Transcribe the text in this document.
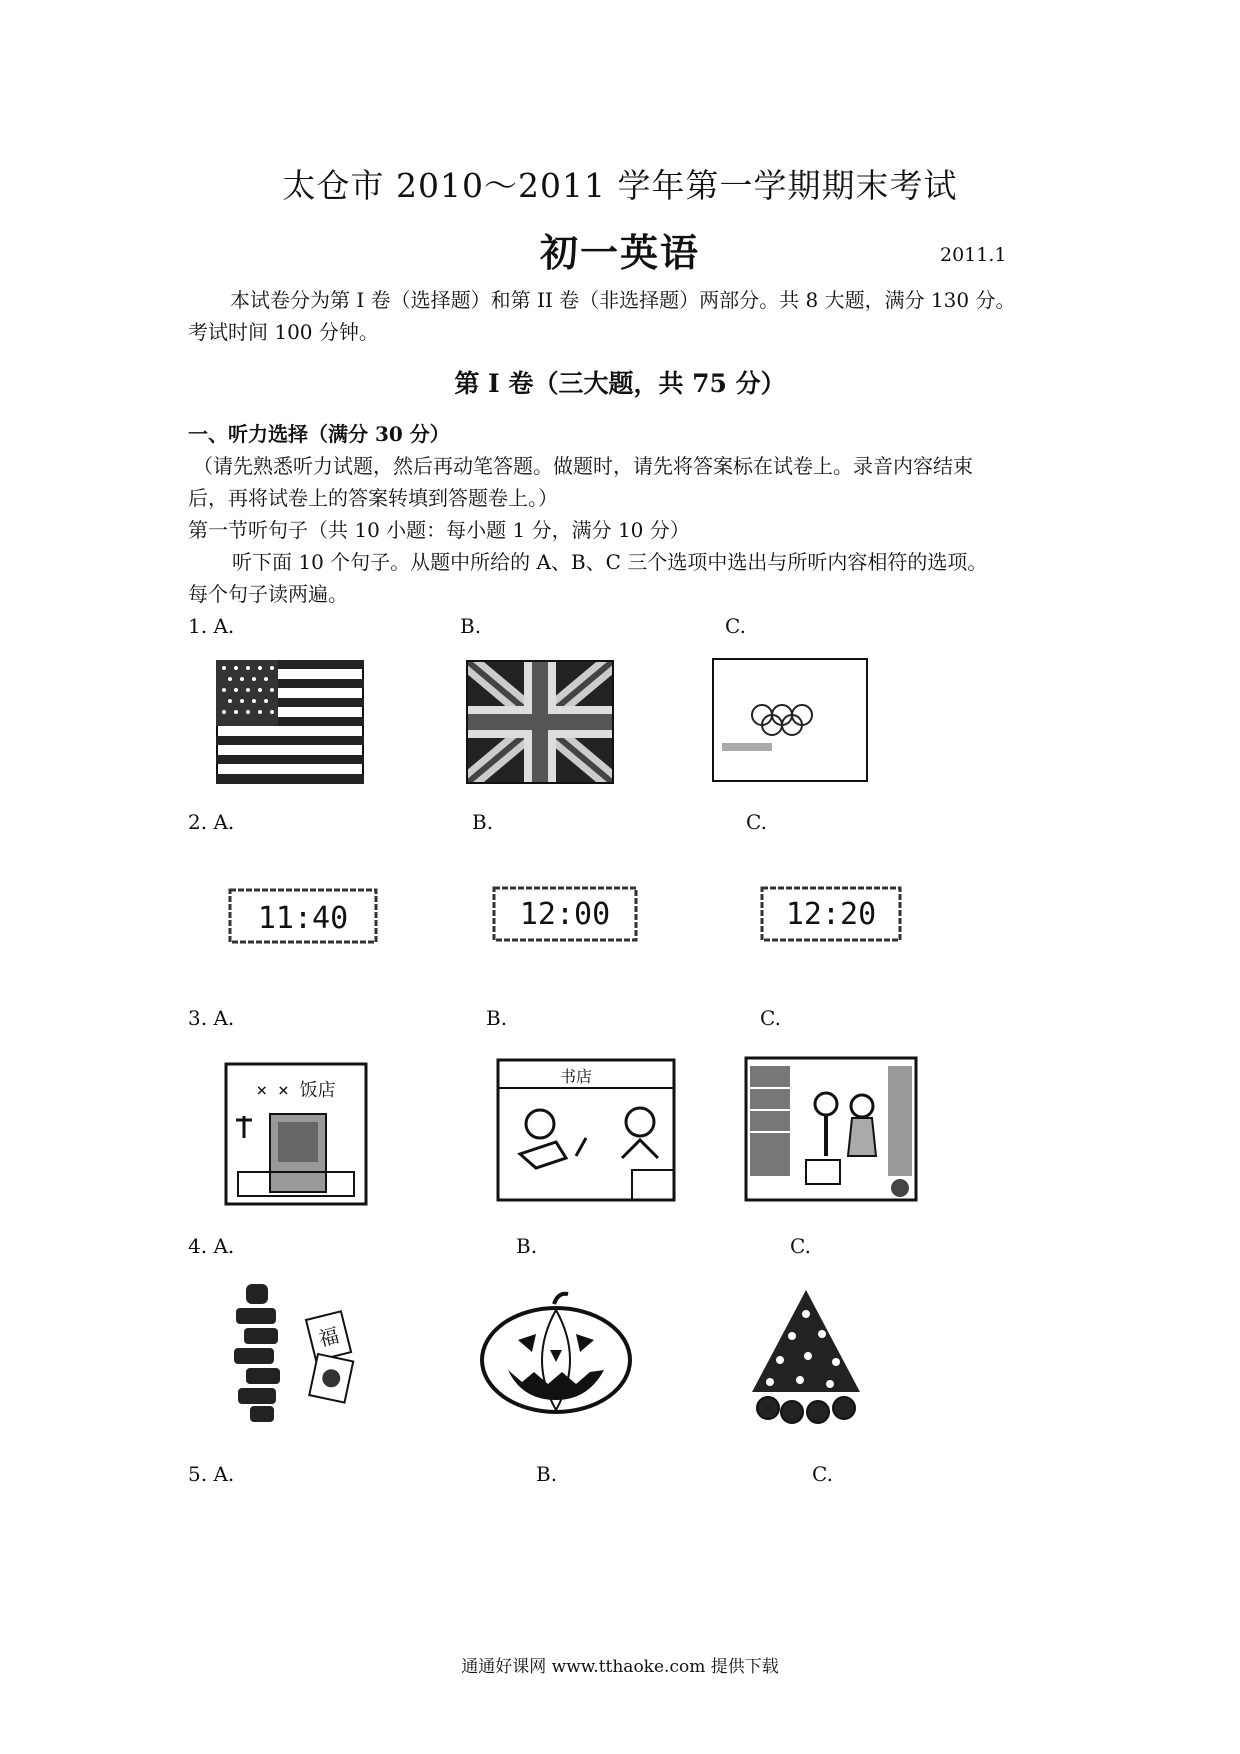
太仓市 2010～2011 学年第一学期期末考试
初一英语	2011.1
本试卷分为第 I 卷（选择题）和第 II 卷（非选择题）两部分。共 8 大题，满分 130 分。
考试时间 100 分钟。
第 I 卷（三大题，共 75 分）
一、听力选择（满分 30 分）
（请先熟悉听力试题，然后再动笔答题。做题时，请先将答案标在试卷上。录音内容结束
后，再将试卷上的答案转填到答题卷上。）
第一节听句子（共 10 小题：每小题 1 分，满分 10 分）
听下面 10 个句子。从题中所给的 A、B、C 三个选项中选出与所听内容相符的选项。
每个句子读两遍。
1. A.	B.	C.
2. A.	B.	C.
11:40	12:00	12:20
3. A.	B.	C.
× × 饭店
书店
4. A.	B.	C.
福
5. A.	B.	C.
通通好课网 www.tthaoke.com 提供下载
